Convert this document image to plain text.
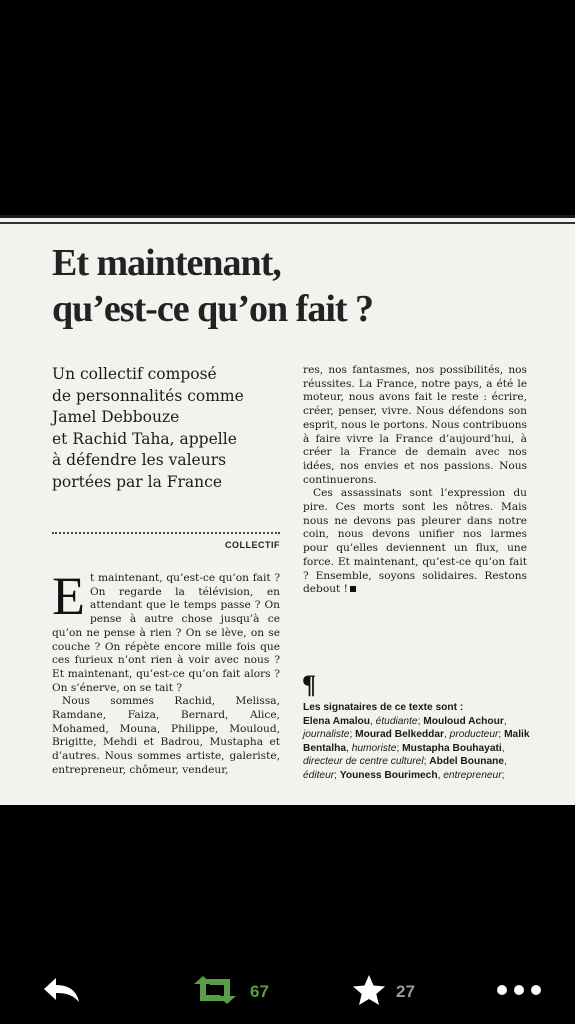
Et maintenant,
qu’est-ce qu’on fait ?

Un collectif composé
de personnalités comme
Jamel Debbouze
et Rachid Taha, appelle
à défendre les valeurs
portées par la France

COLLECTIF

Et maintenant, qu’est-ce qu’on fait ? On regarde la télévision, en attendant que le temps passe ? On pense à autre chose jusqu’à ce qu’on ne pense à rien ? On se lève, on se couche ? On répète encore mille fois que ces furieux n’ont rien à voir avec nous ? Et maintenant, qu’est-ce qu’on fait alors ? On s’énerve, on se tait ?

Nous sommes Rachid, Melissa, Ramdane, Faiza, Bernard, Alice, Mohamed, Mouna, Philippe, Mouloud, Brigitte, Mehdi et Badrou, Mustapha et d’autres. Nous sommes artiste, galeriste, entrepreneur, chômeur, vendeur,

res, nos fantasmes, nos possibilités, nos réussites. La France, notre pays, a été le moteur, nous avons fait le reste : écrire, créer, penser, vivre. Nous défendons son esprit, nous le portons. Nous contribuons à faire vivre la France d’aujourd’hui, à créer la France de demain avec nos idées, nos envies et nos passions. Nous continuerons.

Ces assassinats sont l’expression du pire. Ces morts sont les nôtres. Mais nous ne devons pas pleurer dans notre coin, nous devons unifier nos larmes pour qu’elles deviennent un flux, une force. Et maintenant, qu’est-ce qu’on fait ? Ensemble, soyons solidaires. Restons debout !

¶

Les signataires de ce texte sont :

Elena Amalou, étudiante; Mouloud Achour, journaliste; Mourad Belkeddar, producteur; Malik Bentalha, humoriste; Mustapha Bouhayati, directeur de centre culturel; Abdel Bounane, éditeur; Youness Bourimech, entrepreneur;
67	27
